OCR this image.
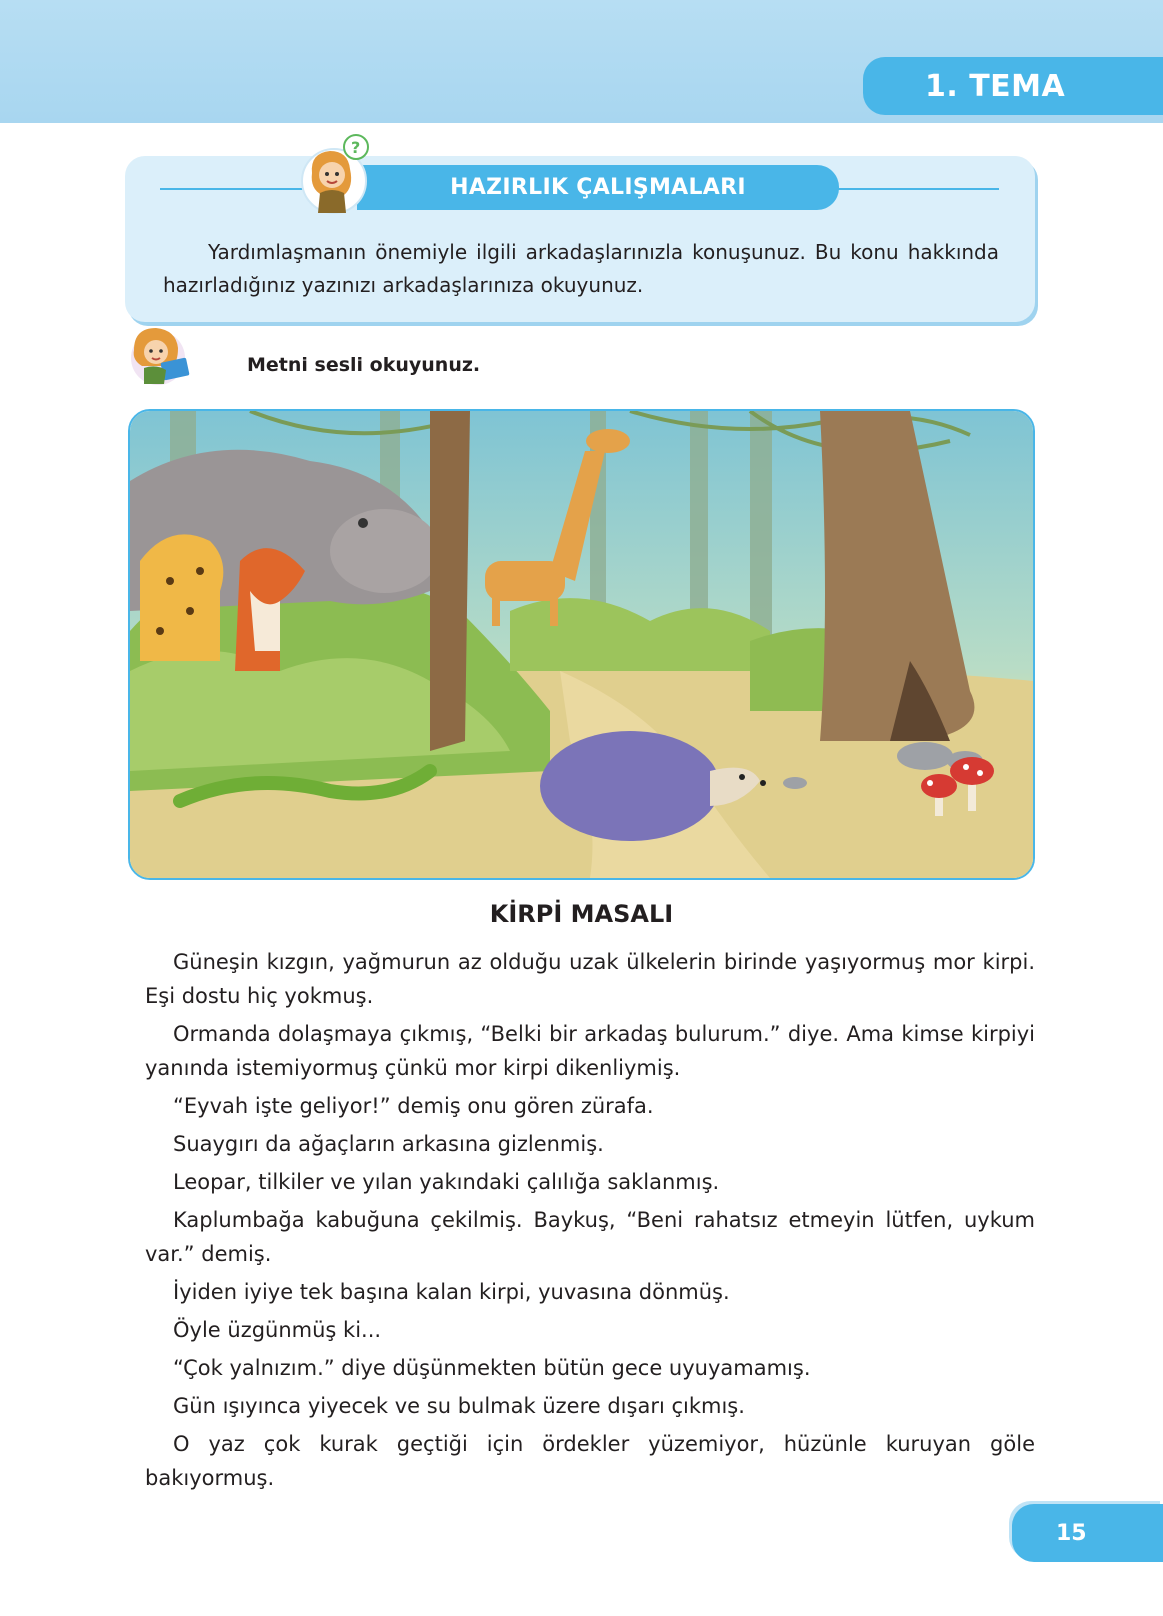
1. TEMA
HAZIRLIK ÇALIŞMALARI
?

Yardımlaşmanın önemiyle ilgili arkadaşlarınızla konuşunuz. Bu konu hakkında hazırladığınız yazınızı arkadaşlarınıza okuyunuz.

Metni sesli okuyunuz.

KİRPİ MASALI

Güneşin kızgın, yağmurun az olduğu uzak ülkelerin birinde yaşıyormuş mor kirpi. Eşi dostu hiç yokmuş.
Ormanda dolaşmaya çıkmış, “Belki bir arkadaş bulurum.” diye. Ama kimse kirpiyi yanında istemiyormuş çünkü mor kirpi dikenliymiş.
“Eyvah işte geliyor!” demiş onu gören zürafa.
Suaygırı da ağaçların arkasına gizlenmiş.
Leopar, tilkiler ve yılan yakındaki çalılığa saklanmış.
Kaplumbağa kabuğuna çekilmiş. Baykuş, “Beni rahatsız etmeyin lütfen, uykum var.” demiş.
İyiden iyiye tek başına kalan kirpi, yuvasına dönmüş.
Öyle üzgünmüş ki...
“Çok yalnızım.” diye düşünmekten bütün gece uyuyamamış.
Gün ışıyınca yiyecek ve su bulmak üzere dışarı çıkmış.
O yaz çok kurak geçtiği için ördekler yüzemiyor, hüzünle kuruyan göle bakıyormuş.
15
